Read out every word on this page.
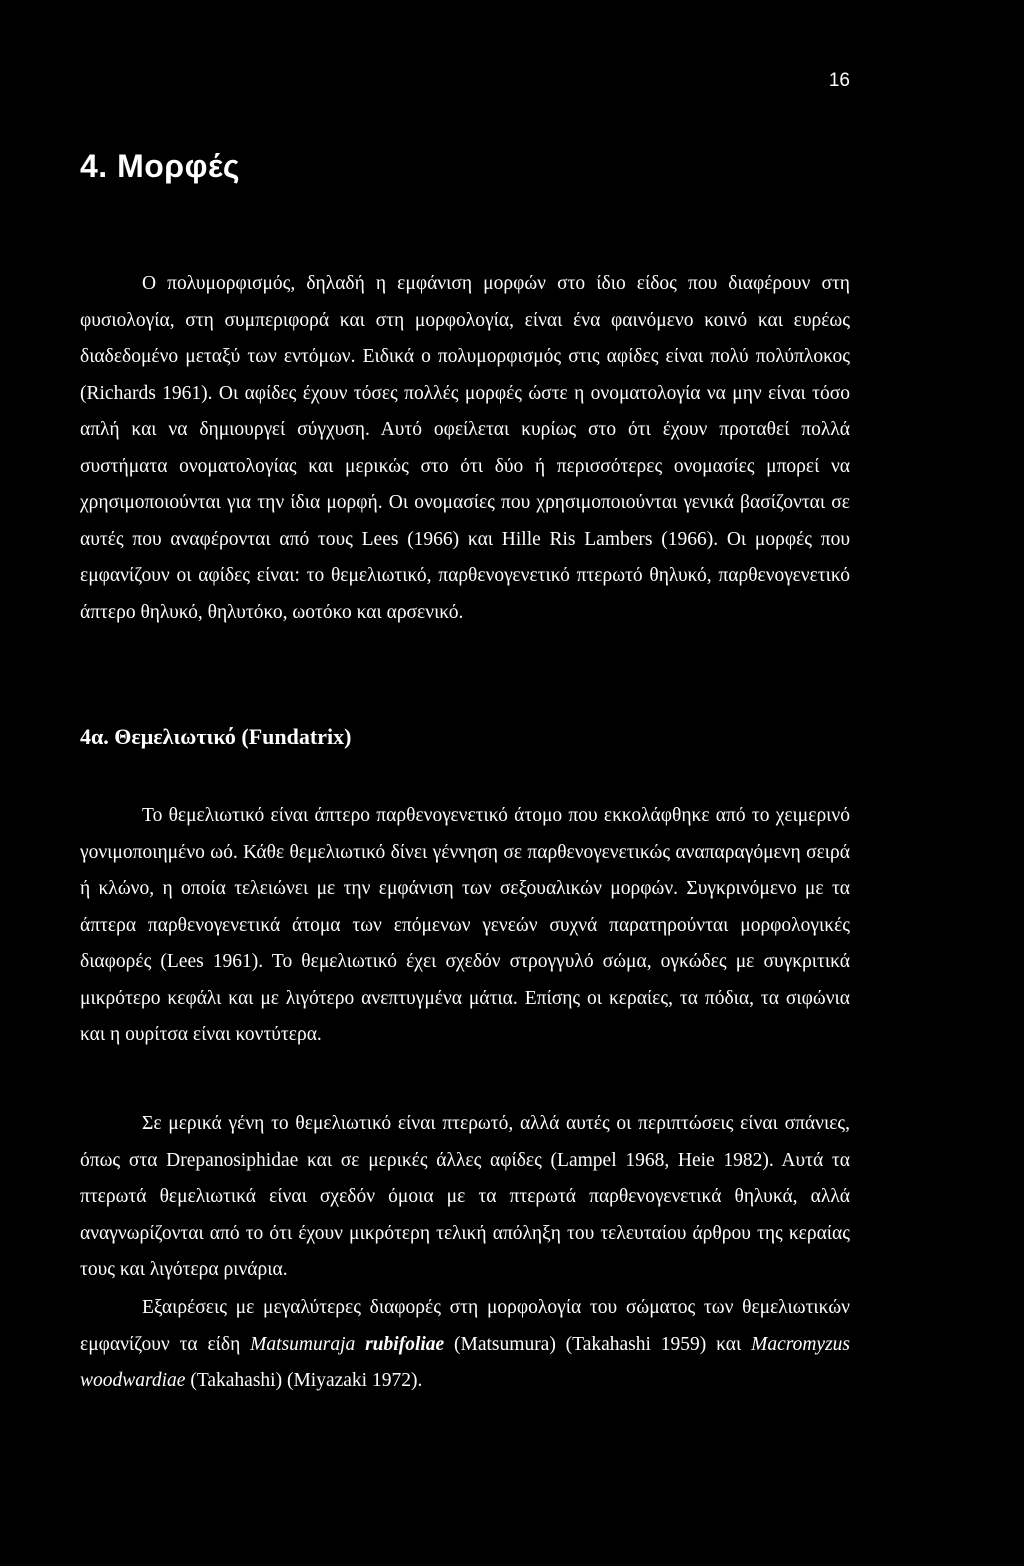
16
4. Μορφές

Ο πολυμορφισμός, δηλαδή η εμφάνιση μορφών στο ίδιο είδος που διαφέρουν στη φυσιολογία, στη συμπεριφορά και στη μορφολογία, είναι ένα φαινόμενο κοινό και ευρέως διαδεδομένο μεταξύ των εντόμων. Ειδικά ο πολυμορφισμός στις αφίδες είναι πολύ πολύπλοκος (Richards 1961). Οι αφίδες έχουν τόσες πολλές μορφές ώστε η ονοματολογία να μην είναι τόσο απλή και να δημιουργεί σύγχυση. Αυτό οφείλεται κυρίως στο ότι έχουν προταθεί πολλά συστήματα ονοματολογίας και μερικώς στο ότι δύο ή περισσότερες ονομασίες μπορεί να χρησιμοποιούνται για την ίδια μορφή. Οι ονομασίες που χρησιμοποιούνται γενικά βασίζονται σε αυτές που αναφέρονται από τους Lees (1966) και Hille Ris Lambers (1966). Οι μορφές που εμφανίζουν οι αφίδες είναι: το θεμελιωτικό, παρθενογενετικό πτερωτό θηλυκό, παρθενογενετικό άπτερο θηλυκό, θηλυτόκο, ωοτόκο και αρσενικό.

4α. Θεμελιωτικό (Fundatrix)

Το θεμελιωτικό είναι άπτερο παρθενογενετικό άτομο που εκκολάφθηκε από το χειμερινό γονιμοποιημένο ωό. Κάθε θεμελιωτικό δίνει γέννηση σε παρθενογενετικώς αναπαραγόμενη σειρά ή κλώνο, η οποία τελειώνει με την εμφάνιση των σεξουαλικών μορφών. Συγκρινόμενο με τα άπτερα παρθενογενετικά άτομα των επόμενων γενεών συχνά παρατηρούνται μορφολογικές διαφορές (Lees 1961). Το θεμελιωτικό έχει σχεδόν στρογγυλό σώμα, ογκώδες με συγκριτικά μικρότερο κεφάλι και με λιγότερο ανεπτυγμένα μάτια. Επίσης οι κεραίες, τα πόδια, τα σιφώνια και η ουρίτσα είναι κοντύτερα.

Σε μερικά γένη το θεμελιωτικό είναι πτερωτό, αλλά αυτές οι περιπτώσεις είναι σπάνιες, όπως στα Drepanosiphidae και σε μερικές άλλες αφίδες (Lampel 1968, Heie 1982). Αυτά τα πτερωτά θεμελιωτικά είναι σχεδόν όμοια με τα πτερωτά παρθενογενετικά θηλυκά, αλλά αναγνωρίζονται από το ότι έχουν μικρότερη τελική απόληξη του τελευταίου άρθρου της κεραίας τους και λιγότερα ρινάρια.

Εξαιρέσεις με μεγαλύτερες διαφορές στη μορφολογία του σώματος των θεμελιωτικών εμφανίζουν τα είδη Matsumuraja rubifoliae (Matsumura) (Takahashi 1959) και Macromyzus woodwardiae (Takahashi) (Miyazaki 1972).
